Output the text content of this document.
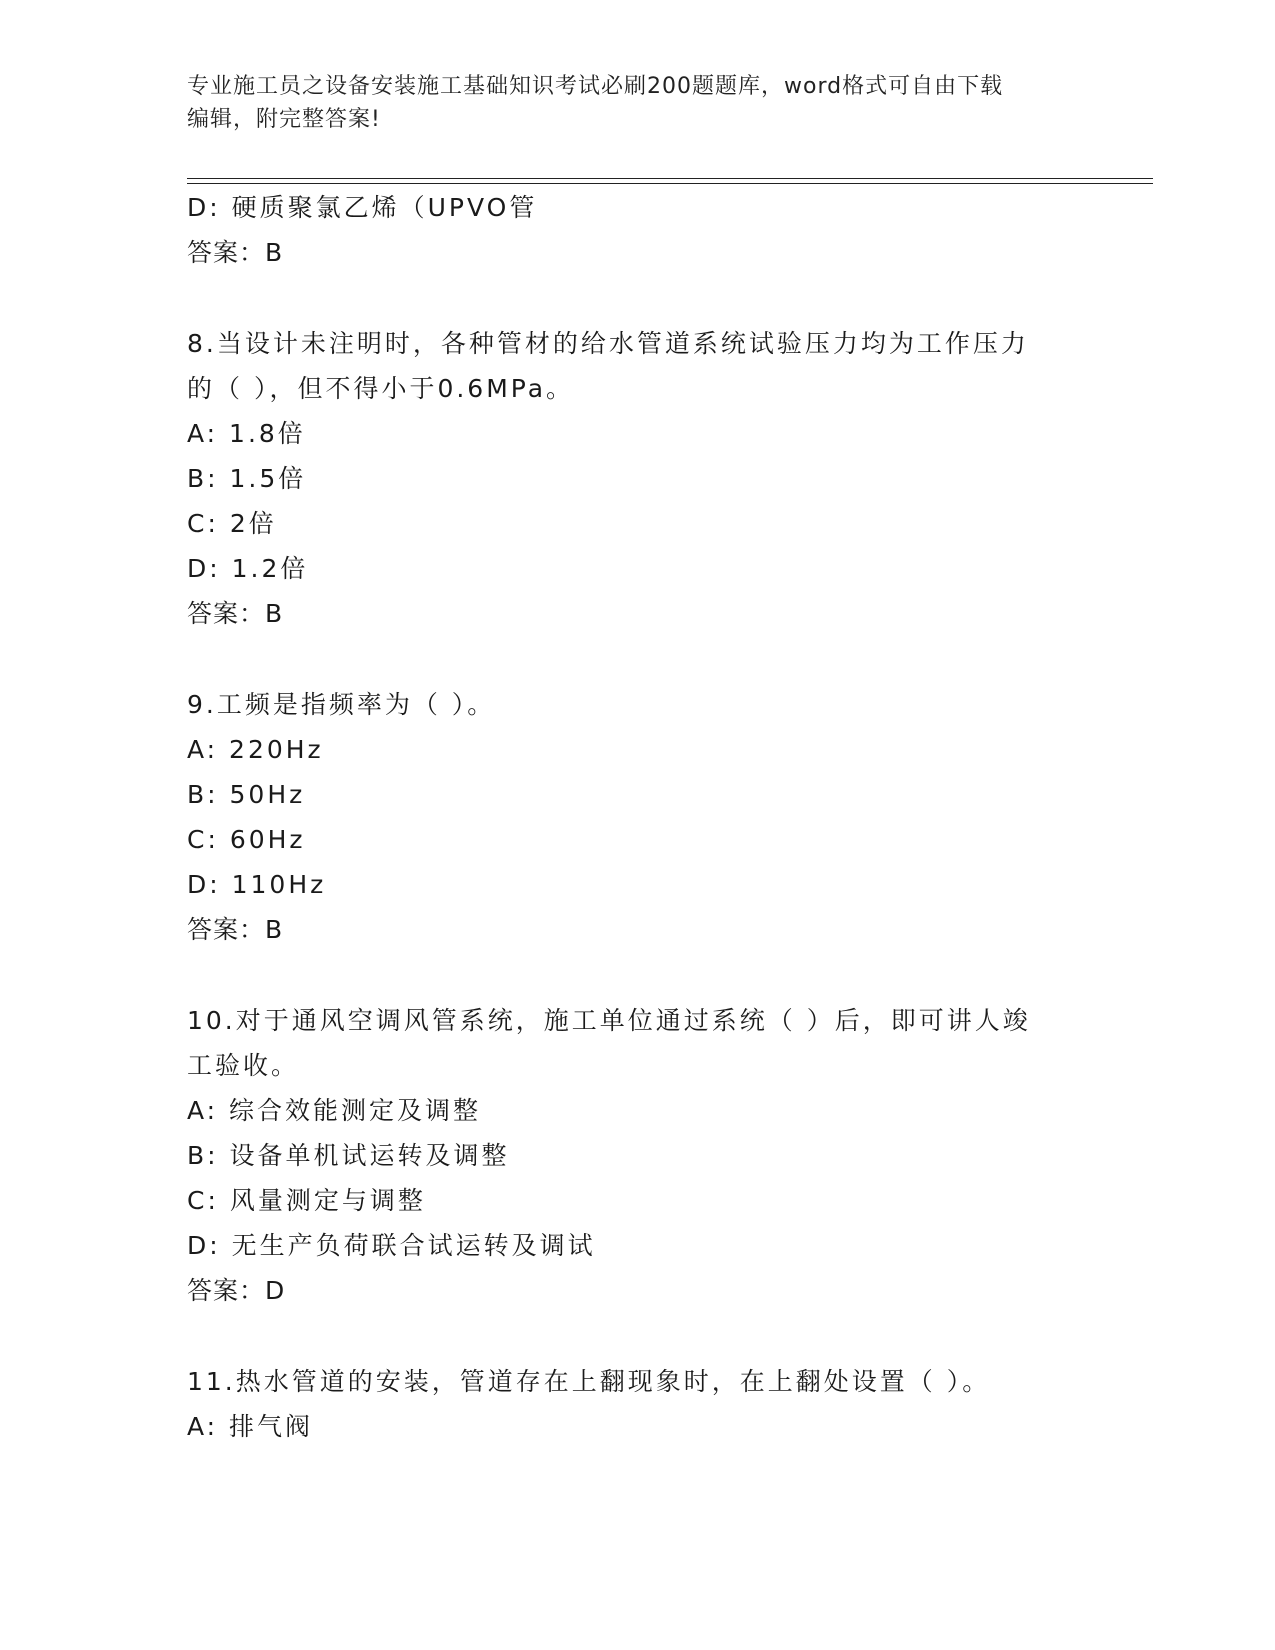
专业施工员之设备安装施工基础知识考试必刷200题题库，word格式可自由下载
编辑，附完整答案!
D: 硬质聚氯乙烯（UPVO管
答案：B
8.当设计未注明时，各种管材的给水管道系统试验压力均为工作压力
的（ ），但不得小于0.6MPa。
A: 1.8倍
B: 1.5倍
C: 2倍
D: 1.2倍
答案：B
9.工频是指频率为（ ）。
A: 220Hz
B: 50Hz
C: 60Hz
D: 110Hz
答案：B
10.对于通风空调风管系统，施工单位通过系统（ ）后，即可讲人竣
工验收。
A: 综合效能测定及调整
B: 设备单机试运转及调整
C: 风量测定与调整
D: 无生产负荷联合试运转及调试
答案：D
11.热水管道的安装，管道存在上翻现象时，在上翻处设置（ ）。
A: 排气阀
